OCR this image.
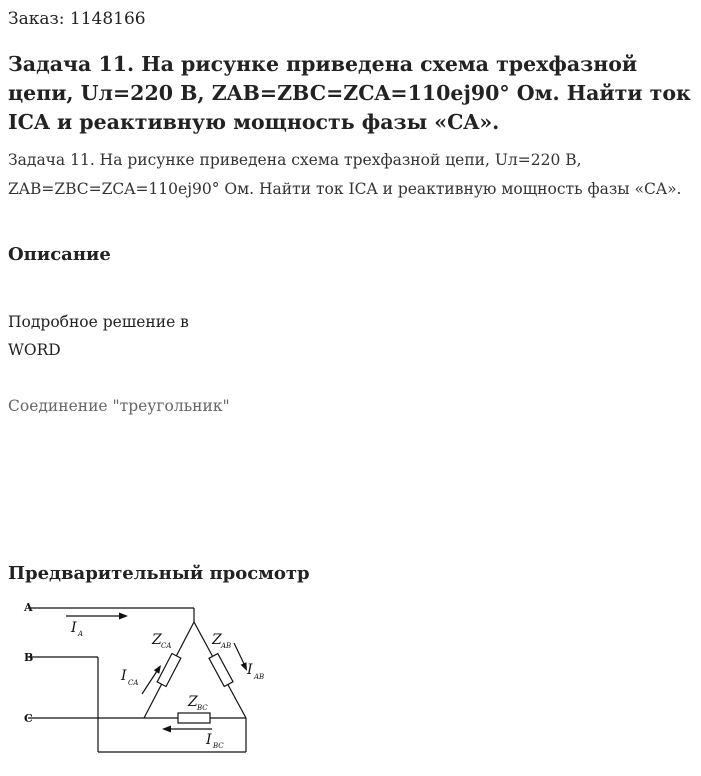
Заказ: 1148166
Задача 11. На рисунке приведена схема трехфазной цепи, Uл=220 В, ZAB=ZBC=ZCA=110ej90° Ом. Найти ток ICA и реактивную мощность фазы «CA».
Задача 11. На рисунке приведена схема трехфазной цепи, Uл=220 В, ZAB=ZBC=ZCA=110ej90° Ом. Найти ток ICA и реактивную мощность фазы «CA».
Описание
Подробное решение в
WORD
Соединение "треугольник"
Предварительный просмотр
A
B
C
I A	Z CA	Z AB
I CA
I AB
Z BC
I BC
